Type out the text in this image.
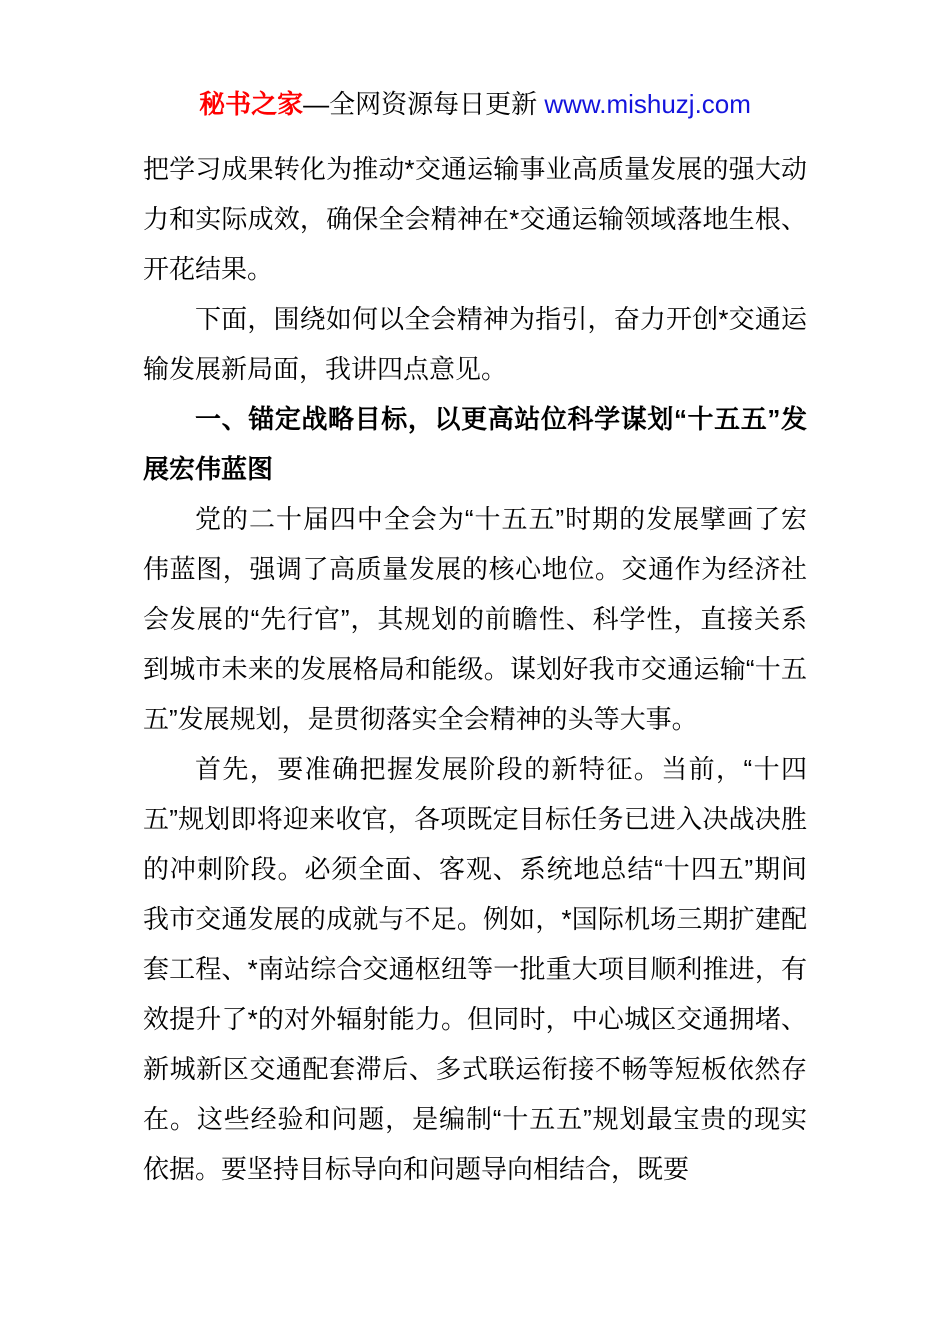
秘书之家—全网资源每日更新 www.mishuzj.com

把学习成果转化为推动*交通运输事业高质量发展的强大动力和实际成效，确保全会精神在*交通运输领域落地生根、开花结果。

下面，围绕如何以全会精神为指引，奋力开创*交通运输发展新局面，我讲四点意见。

一、锚定战略目标，以更高站位科学谋划“十五五”发展宏伟蓝图

党的二十届四中全会为“十五五”时期的发展擘画了宏伟蓝图，强调了高质量发展的核心地位。交通作为经济社会发展的“先行官”，其规划的前瞻性、科学性，直接关系到城市未来的发展格局和能级。谋划好我市交通运输“十五五”发展规划，是贯彻落实全会精神的头等大事。

首先，要准确把握发展阶段的新特征。当前，“十四五”规划即将迎来收官，各项既定目标任务已进入决战决胜的冲刺阶段。必须全面、客观、系统地总结“十四五”期间我市交通发展的成就与不足。例如，*国际机场三期扩建配套工程、*南站综合交通枢纽等一批重大项目顺利推进，有效提升了*的对外辐射能力。但同时，中心城区交通拥堵、新城新区交通配套滞后、多式联运衔接不畅等短板依然存在。这些经验和问题，是编制“十五五”规划最宝贵的现实依据。要坚持目标导向和问题导向相结合，既要
